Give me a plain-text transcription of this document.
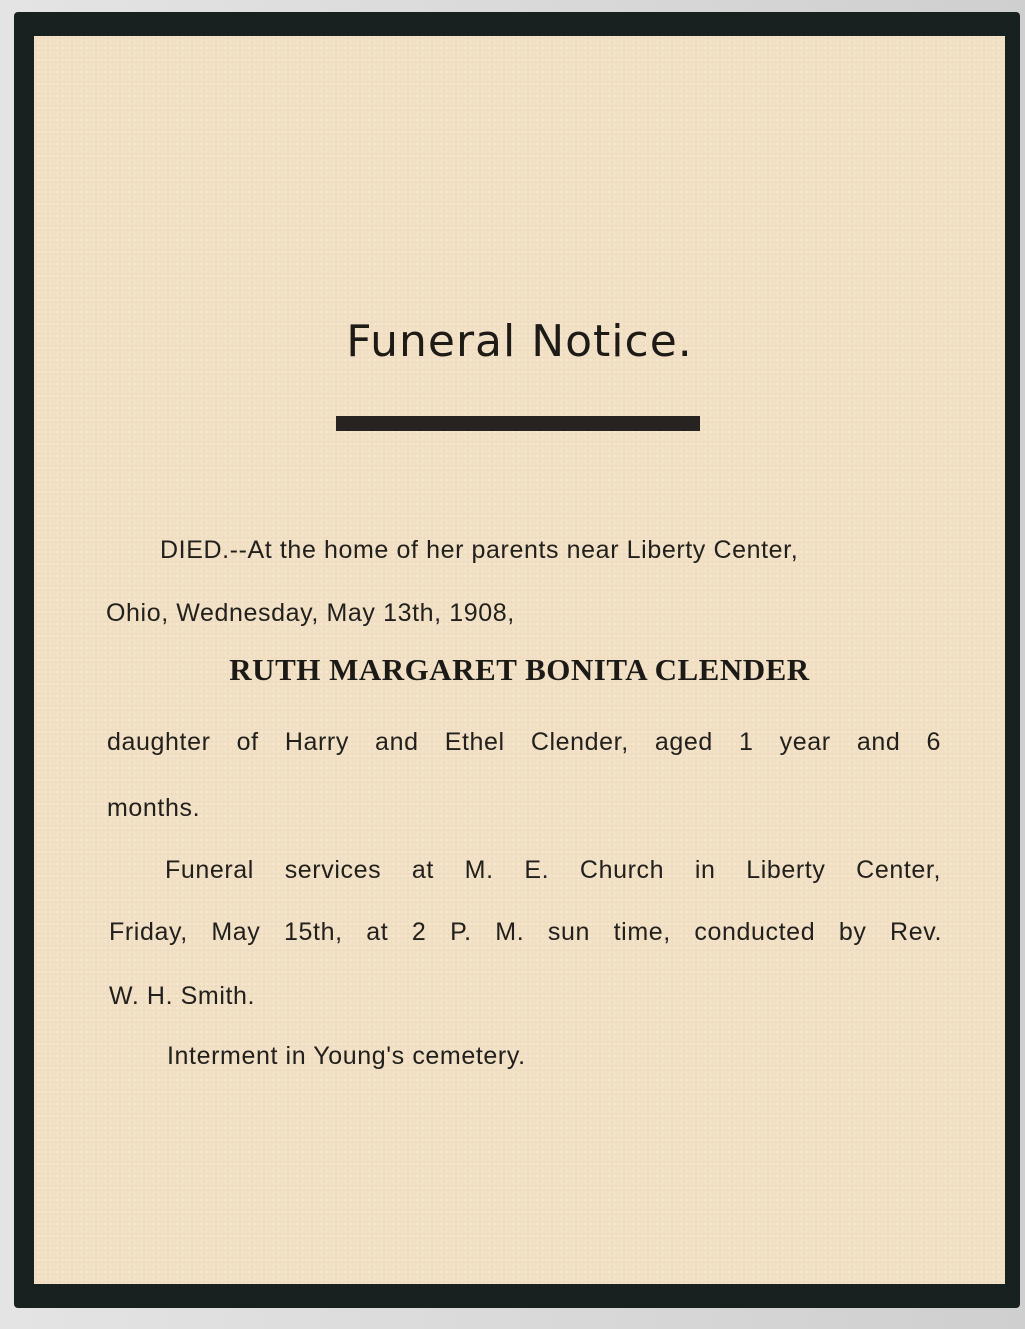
Funeral Notice.

DIED.--At the home of her parents near Liberty Center,

Ohio, Wednesday, May 13th, 1908,

RUTH MARGARET BONITA CLENDER

daughter of Harry and Ethel Clender, aged 1 year and 6

months.

Funeral services at M. E. Church in Liberty Center,

Friday, May 15th, at 2 P. M. sun time, conducted by Rev.

W. H. Smith.

Interment in Young's cemetery.
